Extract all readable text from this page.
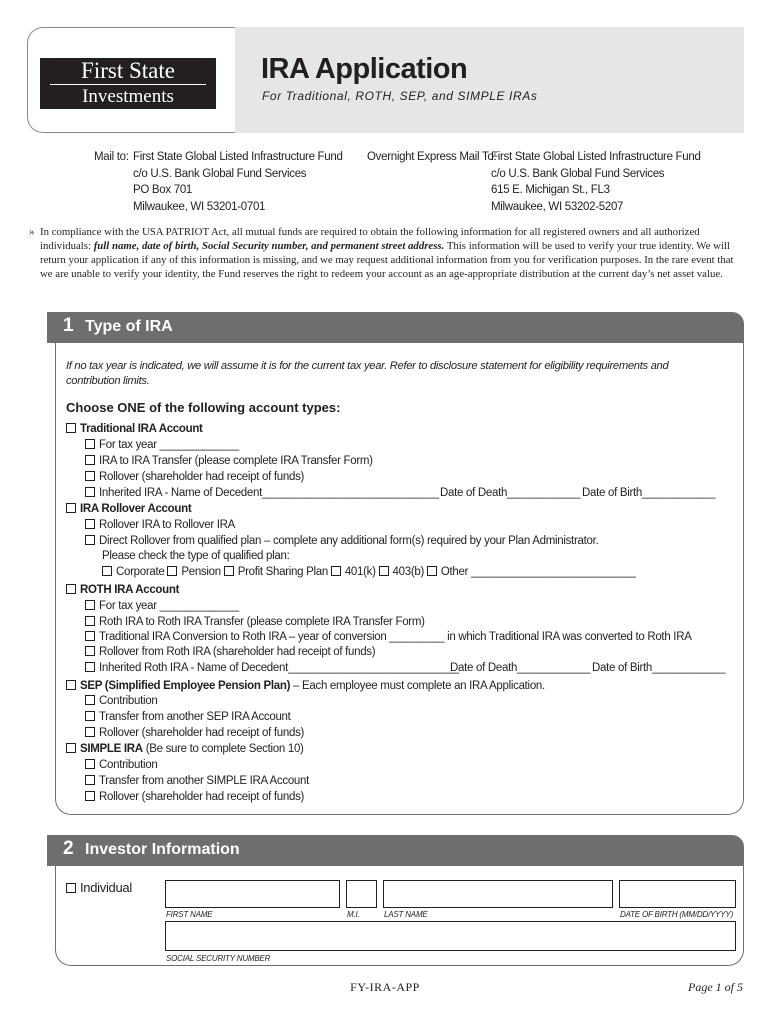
First State
Investments
IRA Application
For Traditional, ROTH, SEP, and SIMPLE IRAs
Mail to: First State Global Listed Infrastructure Fund
c/o U.S. Bank Global Fund Services
PO Box 701
Milwaukee, WI 53201-0701
Overnight Express Mail To:
First State Global Listed Infrastructure Fund
c/o U.S. Bank Global Fund Services
615 E. Michigan St., FL3
Milwaukee, WI 53202-5207
» In compliance with the USA PATRIOT Act, all mutual funds are required to obtain the following information for all registered owners and all authorized individuals: full name, date of birth, Social Security number, and permanent street address. This information will be used to verify your true identity. We will return your application if any of this information is missing, and we may request additional information from you for verification purposes. In the rare event that we are unable to verify your identity, the Fund reserves the right to redeem your account as an age-appropriate distribution at the current day’s net asset value.

1 Type of IRA
If no tax year is indicated, we will assume it is for the current tax year. Refer to disclosure statement for eligibility requirements and contribution limits.
Choose ONE of the following account types:
Traditional IRA Account
For tax year _____________
IRA to IRA Transfer (please complete IRA Transfer Form)
Rollover (shareholder had receipt of funds)
Inherited IRA - Name of Decedent_____________________________ Date of Death____________ Date of Birth____________
IRA Rollover Account
Rollover IRA to Rollover IRA
Direct Rollover from qualified plan – complete any additional form(s) required by your Plan Administrator.
Please check the type of qualified plan:
Corporate Pension Profit Sharing Plan 401(k) 403(b) Other ___________________________
ROTH IRA Account
For tax year _____________
Roth IRA to Roth IRA Transfer (please complete IRA Transfer Form)
Traditional IRA Conversion to Roth IRA – year of conversion _________ in which Traditional IRA was converted to Roth IRA
Rollover from Roth IRA (shareholder had receipt of funds)
Inherited Roth IRA - Name of Decedent____________________________
Date of Death____________ Date of Birth____________
SEP (Simplified Employee Pension Plan) – Each employee must complete an IRA Application.
Contribution
Transfer from another SEP IRA Account
Rollover (shareholder had receipt of funds)
SIMPLE IRA (Be sure to complete Section 10)
Contribution
Transfer from another SIMPLE IRA Account
Rollover (shareholder had receipt of funds)
2 Investor Information
Individual
FIRST NAME	M.I.	LAST NAME	DATE OF BIRTH (MM/DD/YYYY)
SOCIAL SECURITY NUMBER
FY-IRA-APP	Page 1 of 5
